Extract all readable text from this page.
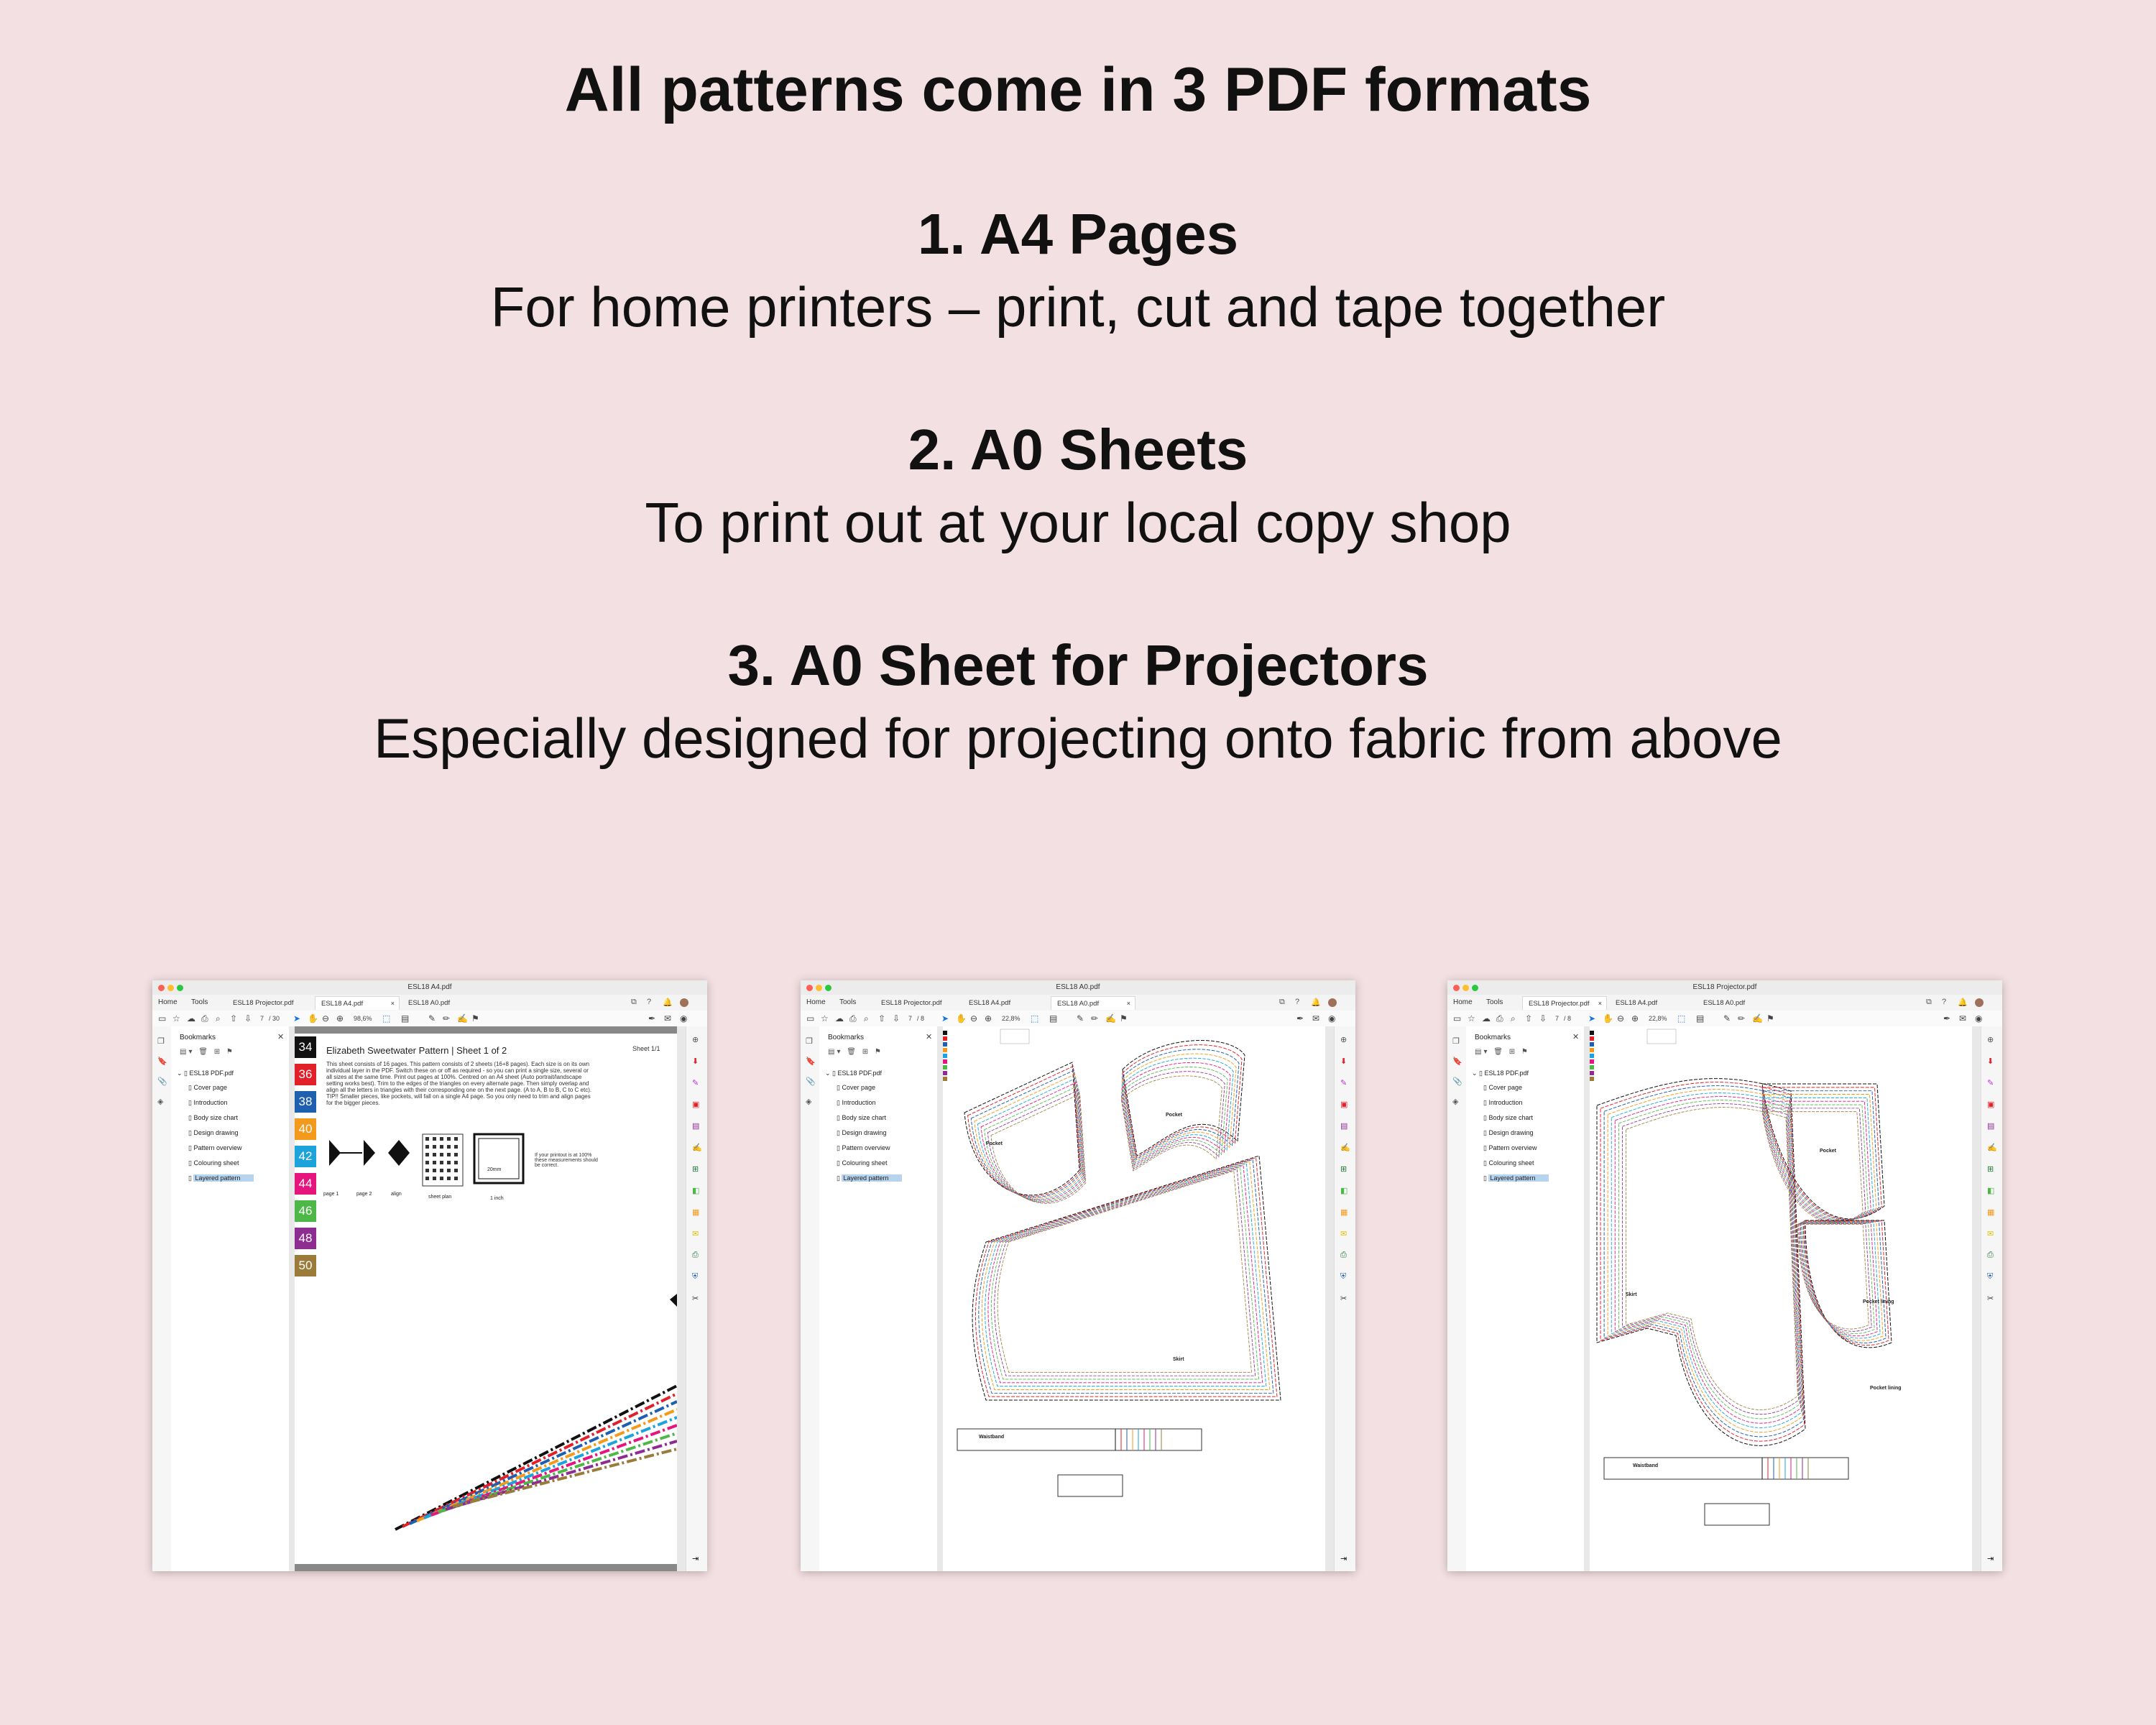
All patterns come in 3 PDF formats
1. A4 Pages
For home printers – print, cut and tape together
2. A0 Sheets
To print out at your local copy shop
3. A0 Sheet for Projectors
Especially designed for projecting onto fabric from above
ESL18 A4.pdf
Home Tools	ESL18 Projector.pdf	ESL18 A4.pdf	×	ESL18 A0.pdf	⧉ ? 🔔
▭ ☆ ☁ ⎙ ⌕ ⇧ ⇩ 7 / 30 ➤ ✋ ⊖ ⊕ 98,6% ⬚ ▤ ✎ ✏ ✍ ⚑	✒ ✉ ◉
❐
🔖
📎
◈
Bookmarks	✕
▤▾ 🗑 ⊞ ⚑
⌄ ▯ ESL18 PDF.pdf
▯ Cover page
▯ Introduction
▯ Body size chart
▯ Design drawing
▯ Pattern overview
▯ Colouring sheet
▯ Layered pattern
34
36
38
40
42
44
46
48
50
Elizabeth Sweetwater Pattern | Sheet 1 of 2	Sheet 1/1
This sheet consists of 16 pages. This pattern consists of 2 sheets (16+8 pages). Each size is on its own individual layer in the PDF. Switch these on or off as required - so you can print a single size, several or all sizes at the same time. Print out pages at 100%. Centred on an A4 sheet (Auto portrait/landscape setting works best). Trim to the edges of the triangles on every alternate page. Then simply overlap and align all the letters in triangles with their corresponding one on the next page. (A to A, B to B, C to C etc). TIP!! Smaller pieces, like pockets, will fall on a single A4 page. So you only need to trim and align pages for the bigger pieces.
page 1	page 2	align
sheet plan
20mm
1 inch
If your printout is at 100% these measurements should be correct.
⊕
⬇
✎
▣
▤
✍
⊞
◧
▦
✉
⎙
⛨
✂
⇥
ESL18 A0.pdf
Home Tools	ESL18 Projector.pdf	ESL18 A4.pdf	ESL18 A0.pdf	×	⧉ ? 🔔
▭ ☆ ☁ ⎙ ⌕ ⇧ ⇩ 7 / 8 ➤ ✋ ⊖ ⊕ 22,8% ⬚ ▤ ✎ ✏ ✍ ⚑	✒ ✉ ◉
❐
🔖
📎
◈
Bookmarks	✕
▤▾ 🗑 ⊞ ⚑
⌄ ▯ ESL18 PDF.pdf
▯ Cover page
▯ Introduction
▯ Body size chart
▯ Design drawing
▯ Pattern overview
▯ Colouring sheet
▯ Layered pattern
Pocket
Skirt
Pocket
Waistband
⊕
⬇
✎
▣
▤
✍
⊞
◧
▦
✉
⎙
⛨
✂
⇥
ESL18 Projector.pdf
Home Tools	ESL18 Projector.pdf ×	ESL18 A4.pdf	ESL18 A0.pdf	⧉ ? 🔔
▭ ☆ ☁ ⎙ ⌕ ⇧ ⇩ 7 / 8 ➤ ✋ ⊖ ⊕ 22,8% ⬚ ▤ ✎ ✏ ✍ ⚑	✒ ✉ ◉
❐
🔖
📎
◈
Bookmarks	✕
▤▾ 🗑 ⊞ ⚑
⌄ ▯ ESL18 PDF.pdf
▯ Cover page
▯ Introduction
▯ Body size chart
▯ Design drawing
▯ Pattern overview
▯ Colouring sheet
▯ Layered pattern
Pocket
Skirt
Pocket lining
Waistband
Pocket lining
⊕
⬇
✎
▣
▤
✍
⊞
◧
▦
✉
⎙
⛨
✂
⇥
